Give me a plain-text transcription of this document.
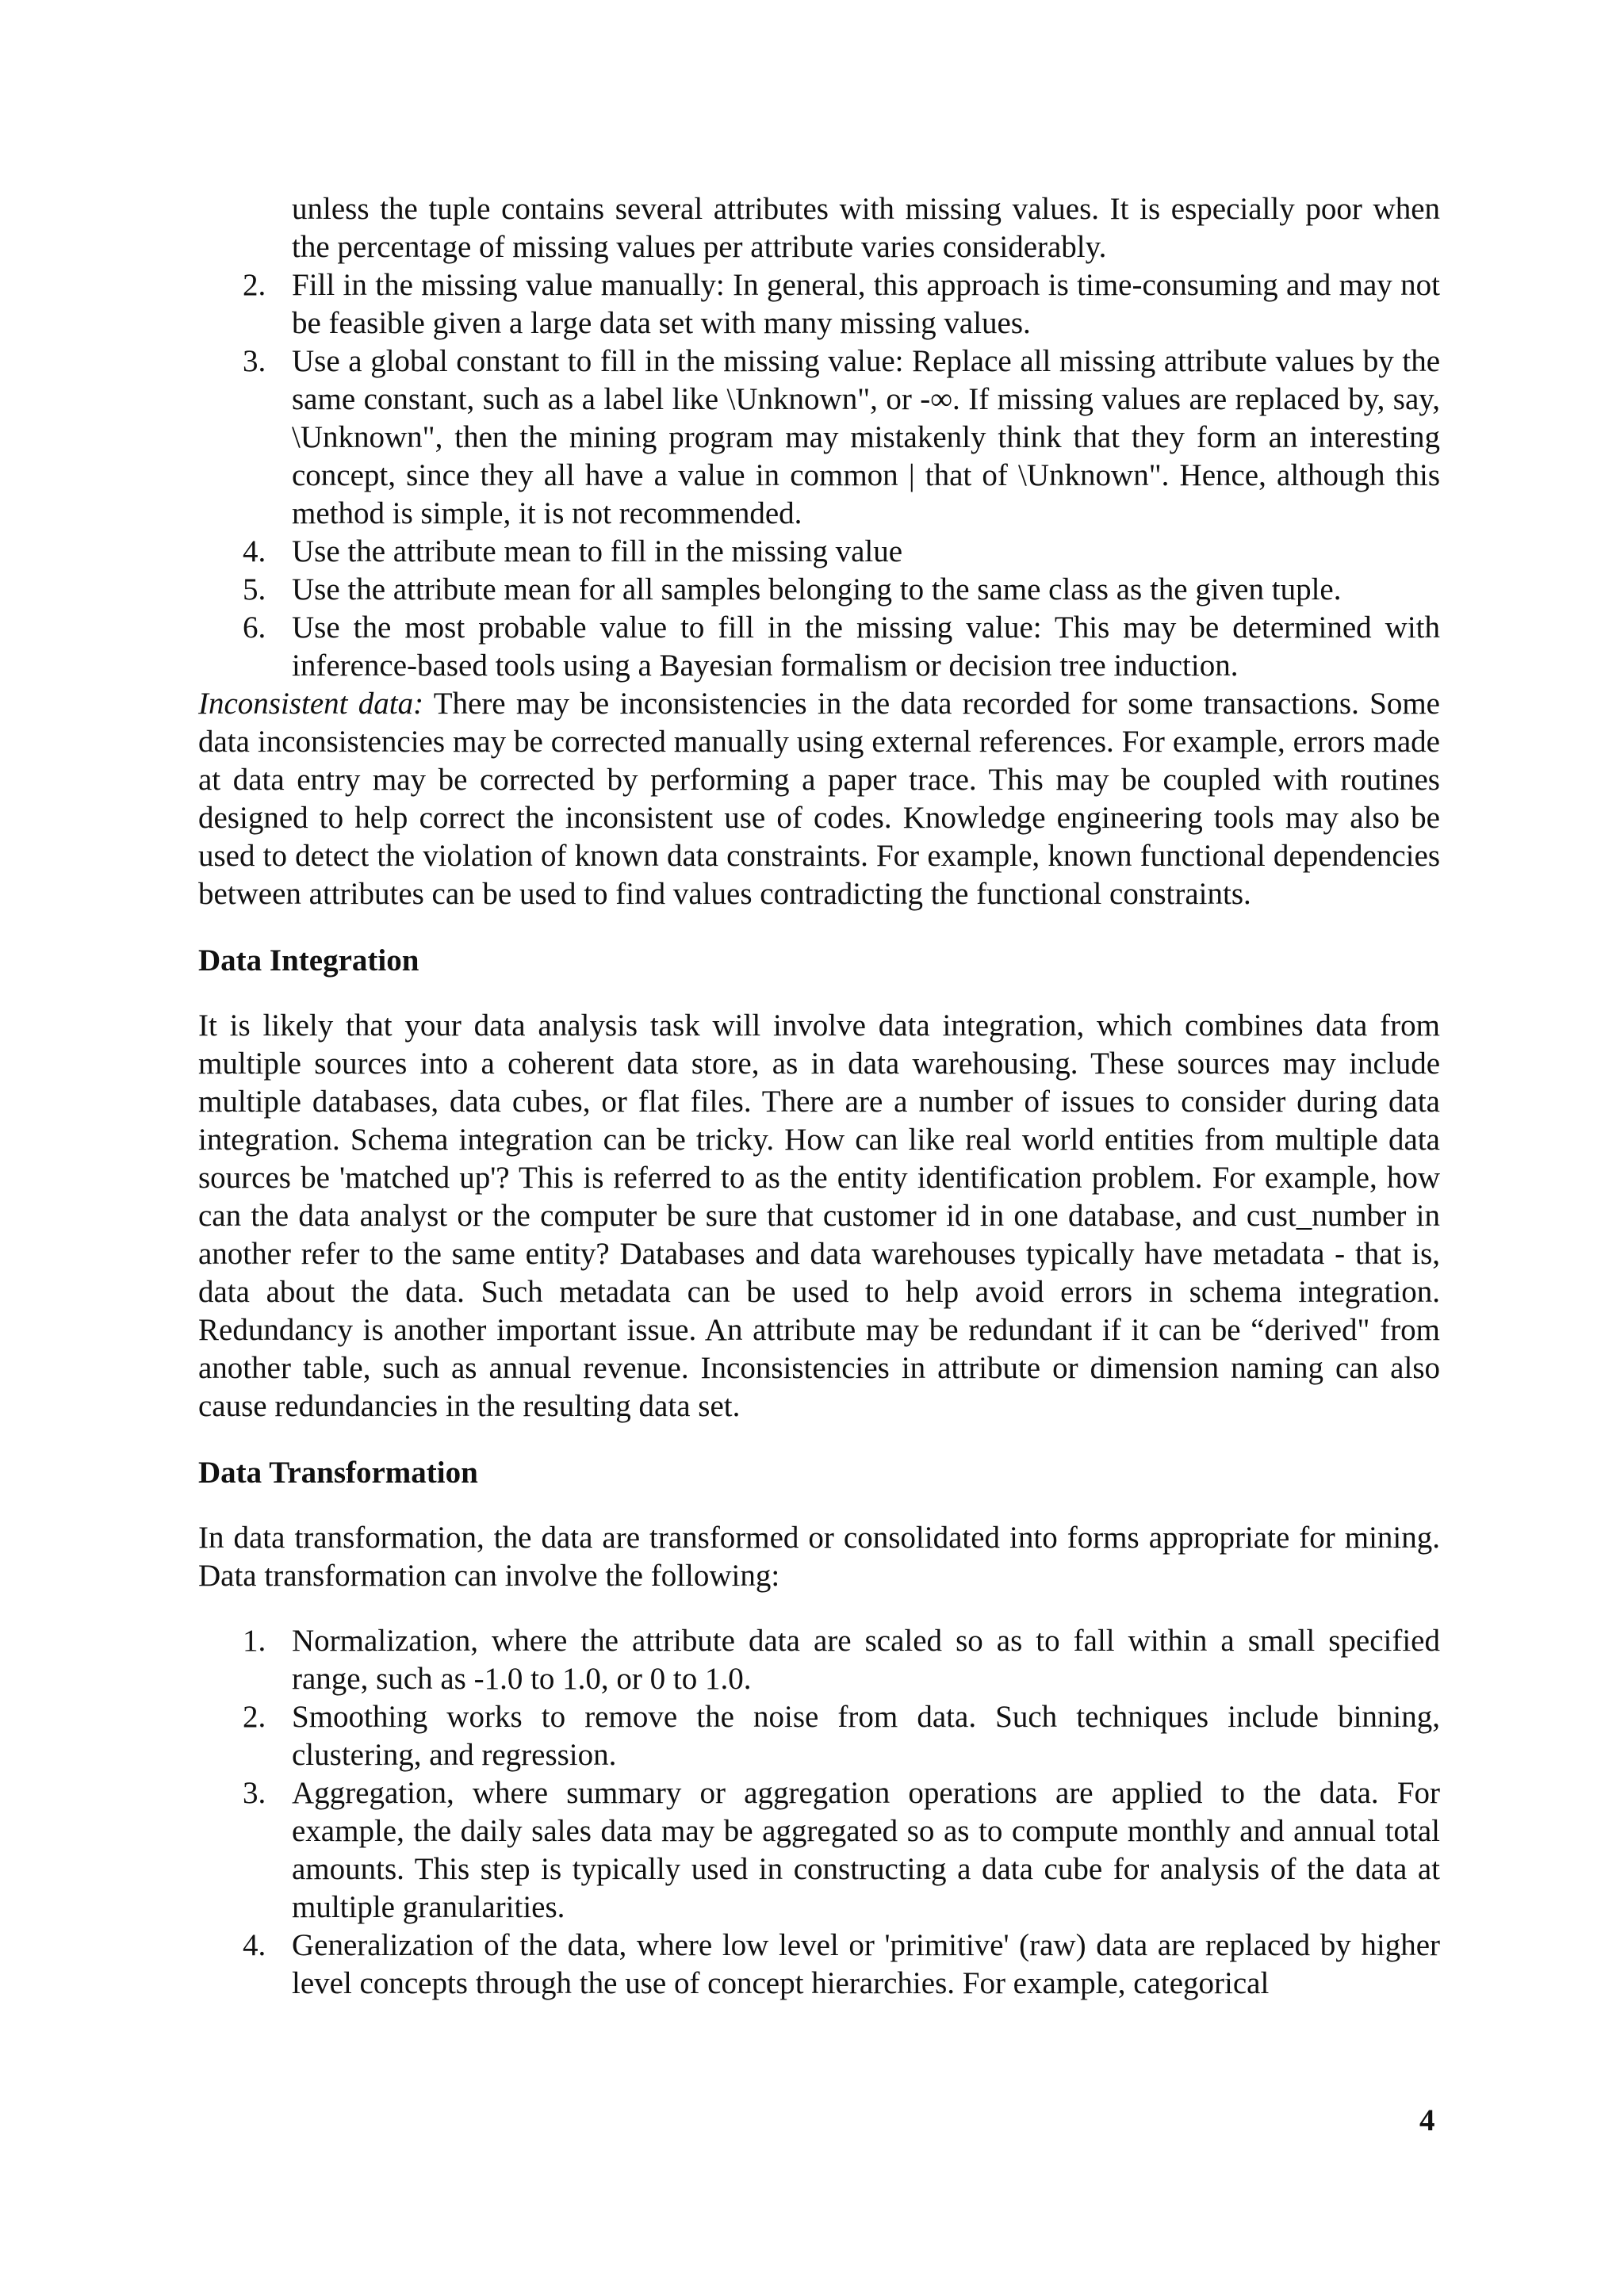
unless the tuple contains several attributes with missing values. It is especially poor when the percentage of missing values per attribute varies considerably.

2. Fill in the missing value manually: In general, this approach is time-consuming and may not be feasible given a large data set with many missing values.
3. Use a global constant to fill in the missing value: Replace all missing attribute values by the same constant, such as a label like \Unknown", or -∞. If missing values are replaced by, say, \Unknown", then the mining program may mistakenly think that they form an interesting concept, since they all have a value in common | that of \Unknown". Hence, although this method is simple, it is not recommended.
4. Use the attribute mean to fill in the missing value
5. Use the attribute mean for all samples belonging to the same class as the given tuple.
6. Use the most probable value to fill in the missing value: This may be determined with inference-based tools using a Bayesian formalism or decision tree induction.

Inconsistent data: There may be inconsistencies in the data recorded for some transactions. Some data inconsistencies may be corrected manually using external references. For example, errors made at data entry may be corrected by performing a paper trace. This may be coupled with routines designed to help correct the inconsistent use of codes. Knowledge engineering tools may also be used to detect the violation of known data constraints. For example, known functional dependencies between attributes can be used to find values contradicting the functional constraints.

Data Integration

It is likely that your data analysis task will involve data integration, which combines data from multiple sources into a coherent data store, as in data warehousing. These sources may include multiple databases, data cubes, or flat files. There are a number of issues to consider during data integration. Schema integration can be tricky. How can like real world entities from multiple data sources be 'matched up'? This is referred to as the entity identification problem. For example, how can the data analyst or the computer be sure that customer id in one database, and cust_number in another refer to the same entity? Databases and data warehouses typically have metadata - that is, data about the data. Such metadata can be used to help avoid errors in schema integration. Redundancy is another important issue. An attribute may be redundant if it can be “derived" from another table, such as annual revenue. Inconsistencies in attribute or dimension naming can also cause redundancies in the resulting data set.

Data Transformation

In data transformation, the data are transformed or consolidated into forms appropriate for mining. Data transformation can involve the following:

1. Normalization, where the attribute data are scaled so as to fall within a small specified range, such as -1.0 to 1.0, or 0 to 1.0.
2. Smoothing works to remove the noise from data. Such techniques include binning, clustering, and regression.
3. Aggregation, where summary or aggregation operations are applied to the data. For example, the daily sales data may be aggregated so as to compute monthly and annual total amounts. This step is typically used in constructing a data cube for analysis of the data at multiple granularities.
4. Generalization of the data, where low level or 'primitive' (raw) data are replaced by higher level concepts through the use of concept hierarchies. For example, categorical
4
